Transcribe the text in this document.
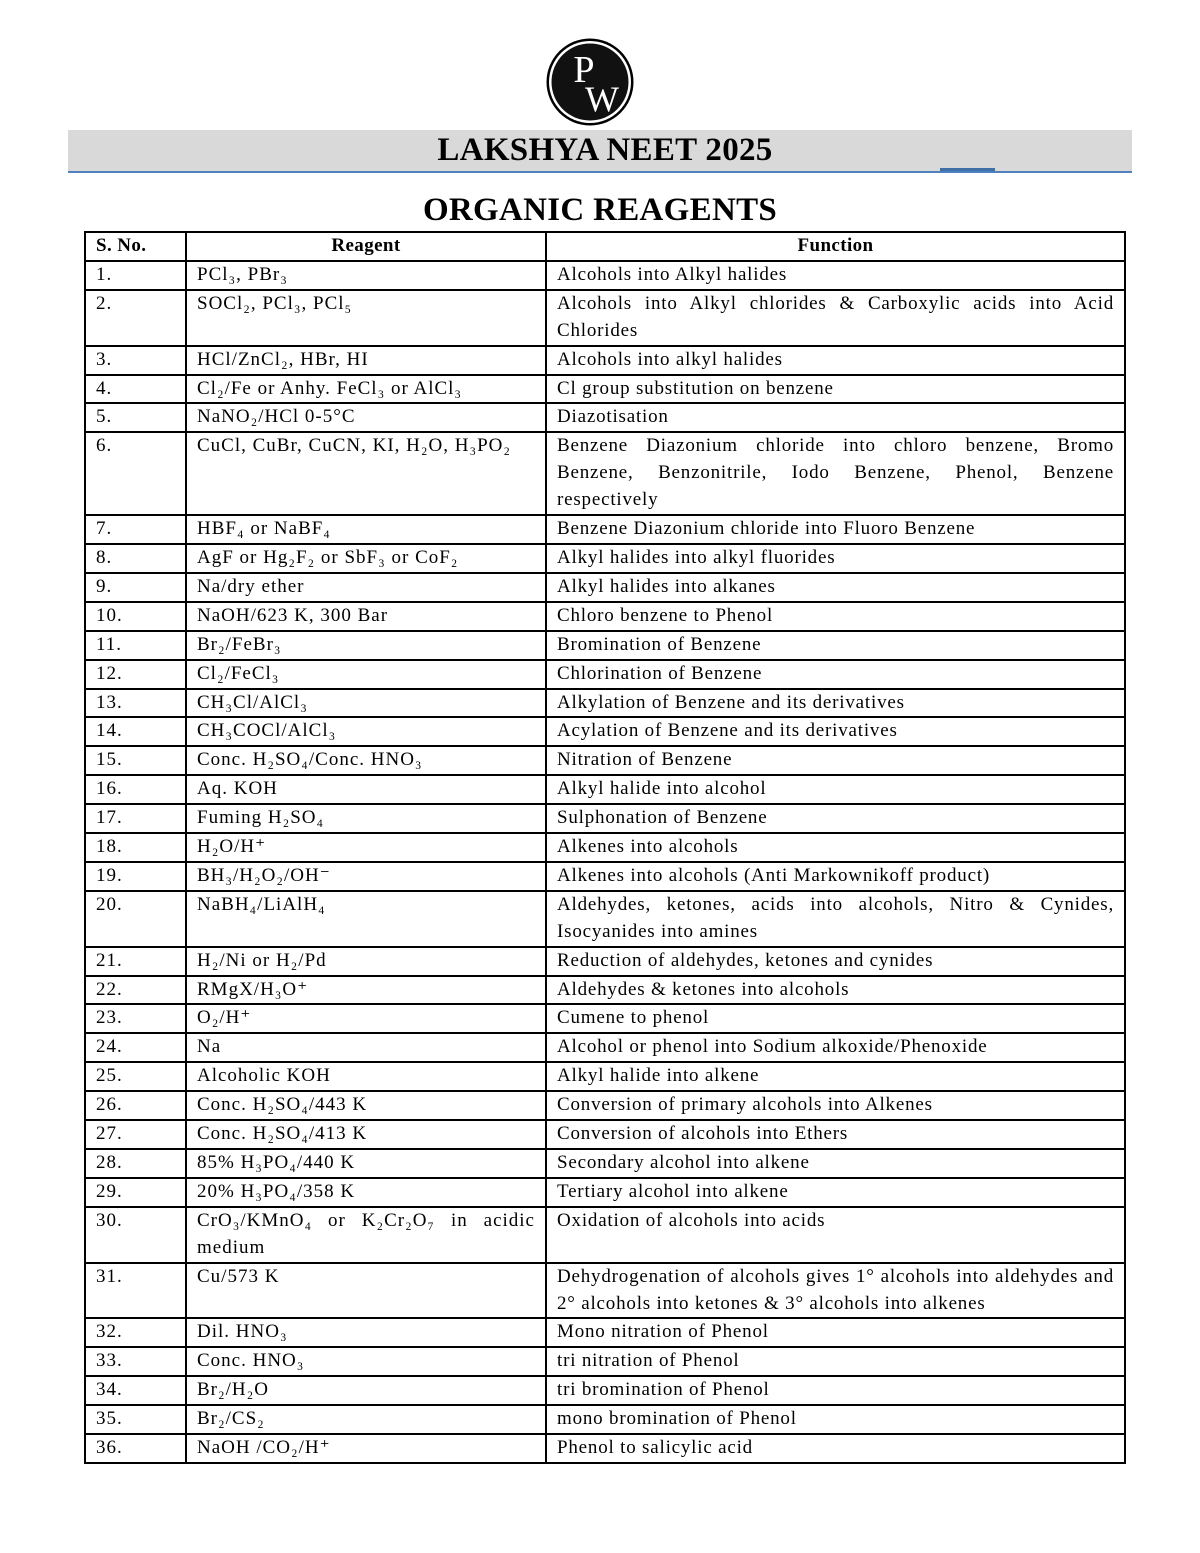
P
W
LAKSHYA NEET 2025
ORGANIC REAGENTS
S. No.	Reagent	Function
1.	PCl₃, PBr₃	Alcohols into Alkyl halides
2.	SOCl₂, PCl₃, PCl₅	Alcohols into Alkyl chlorides & Carboxylic acids into Acid Chlorides
3.	HCl/ZnCl₂, HBr, HI	Alcohols into alkyl halides
4.	Cl₂/Fe or Anhy. FeCl₃ or AlCl₃	Cl group substitution on benzene
5.	NaNO₂/HCl 0-5°C	Diazotisation
6.	CuCl, CuBr, CuCN, KI, H₂O, H₃PO₂	Benzene Diazonium chloride into chloro benzene, Bromo Benzene, Benzonitrile, Iodo Benzene, Phenol, Benzene respectively
7.	HBF₄ or NaBF₄	Benzene Diazonium chloride into Fluoro Benzene
8.	AgF or Hg₂F₂ or SbF₃ or CoF₂	Alkyl halides into alkyl fluorides
9.	Na/dry ether	Alkyl halides into alkanes
10.	NaOH/623 K, 300 Bar	Chloro benzene to Phenol
11.	Br₂/FeBr₃	Bromination of Benzene
12.	Cl₂/FeCl₃	Chlorination of Benzene
13.	CH₃Cl/AlCl₃	Alkylation of Benzene and its derivatives
14.	CH₃COCl/AlCl₃	Acylation of Benzene and its derivatives
15.	Conc. H₂SO₄/Conc. HNO₃	Nitration of Benzene
16.	Aq. KOH	Alkyl halide into alcohol
17.	Fuming H₂SO₄	Sulphonation of Benzene
18.	H₂O/H⁺	Alkenes into alcohols
19.	BH₃/H₂O₂/OH⁻	Alkenes into alcohols (Anti Markownikoff product)
20.	NaBH₄/LiAlH₄	Aldehydes, ketones, acids into alcohols, Nitro & Cynides, Isocyanides into amines
21.	H₂/Ni or H₂/Pd	Reduction of aldehydes, ketones and cynides
22.	RMgX/H₃O⁺	Aldehydes & ketones into alcohols
23.	O₂/H⁺	Cumene to phenol
24.	Na	Alcohol or phenol into Sodium alkoxide/Phenoxide
25.	Alcoholic KOH	Alkyl halide into alkene
26.	Conc. H₂SO₄/443 K	Conversion of primary alcohols into Alkenes
27.	Conc. H₂SO₄/413 K	Conversion of alcohols into Ethers
28.	85% H₃PO₄/440 K	Secondary alcohol into alkene
29.	20% H₃PO₄/358 K	Tertiary alcohol into alkene
30.	CrO₃/KMnO₄ or K₂Cr₂O₇ in acidic medium	Oxidation of alcohols into acids
31.	Cu/573 K	Dehydrogenation of alcohols gives 1° alcohols into aldehydes and 2° alcohols into ketones & 3° alcohols into alkenes
32.	Dil. HNO₃	Mono nitration of Phenol
33.	Conc. HNO₃	tri nitration of Phenol
34.	Br₂/H₂O	tri bromination of Phenol
35.	Br₂/CS₂	mono bromination of Phenol
36.	NaOH /CO₂/H⁺	Phenol to salicylic acid
